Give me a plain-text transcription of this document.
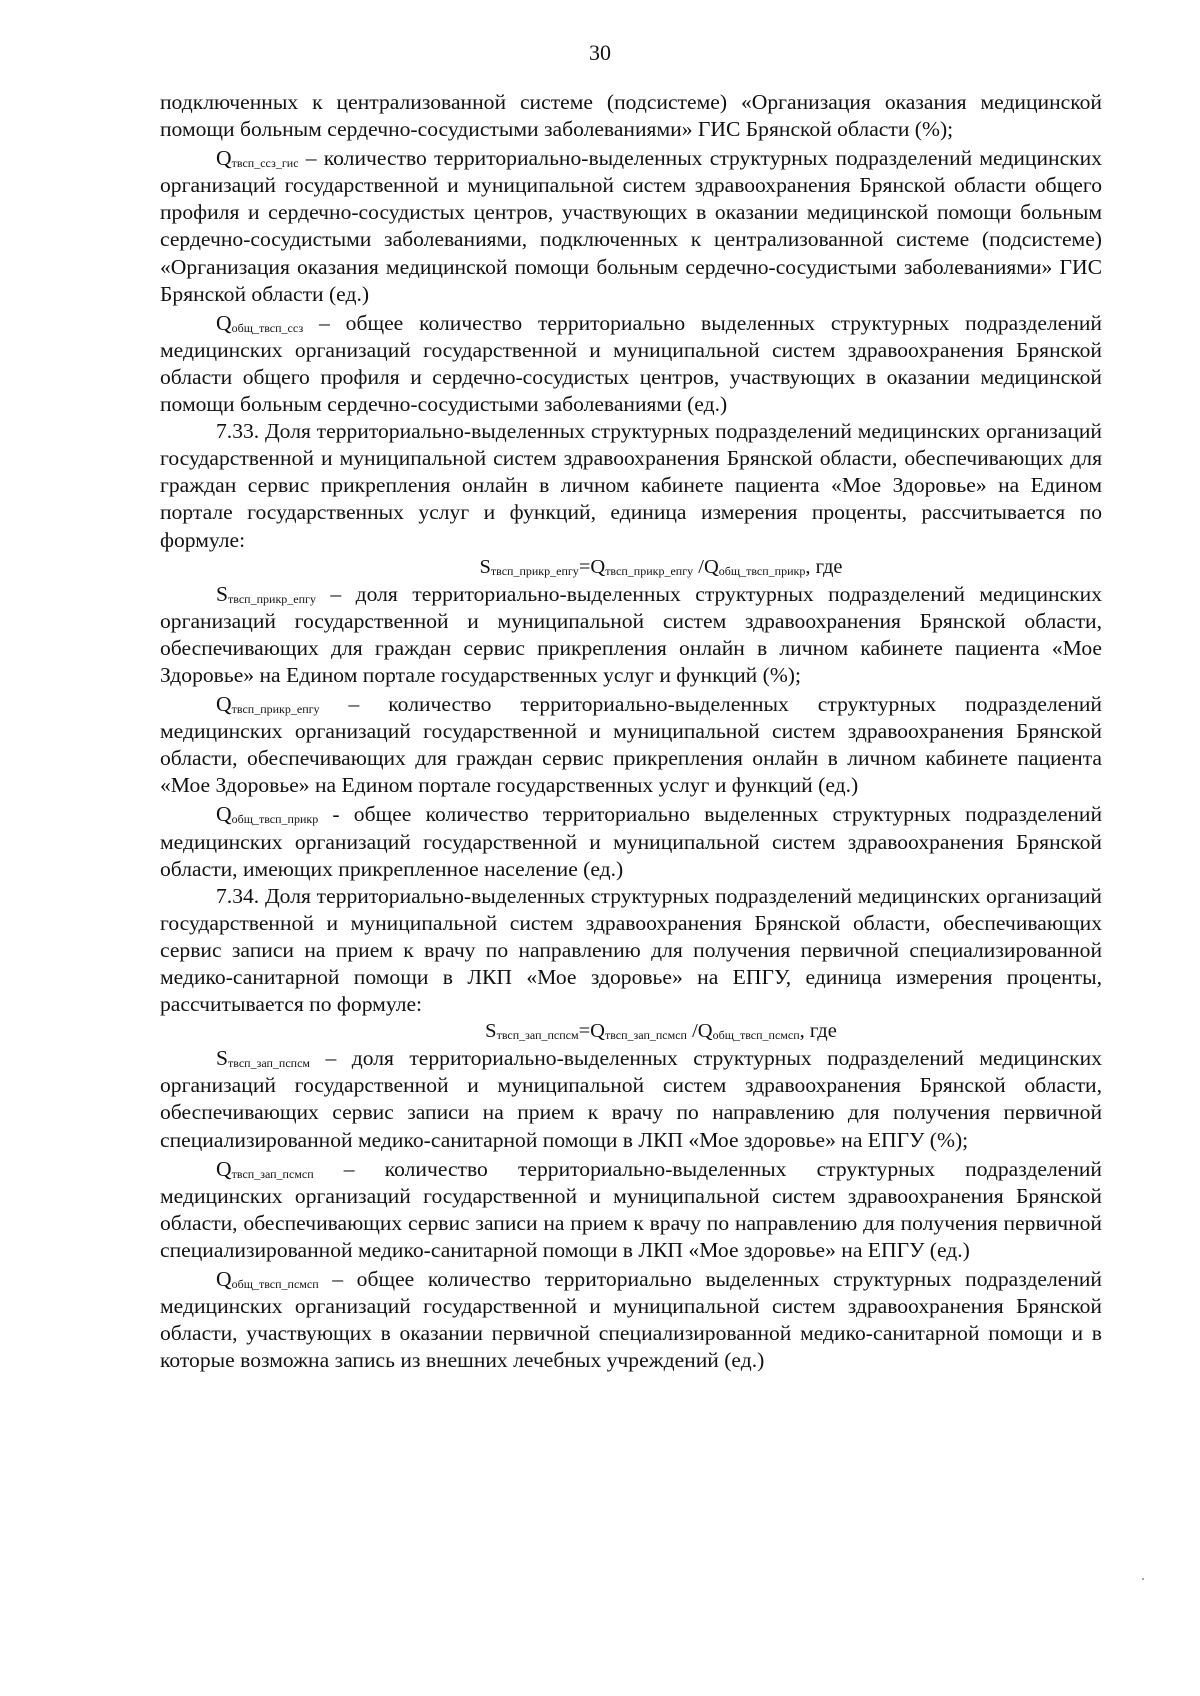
30

подключенных к централизованной системе (подсистеме) «Организация оказания медицинской помощи больным сердечно-сосудистыми заболеваниями» ГИС Брянской области (%);

$Q_{твсп\_ссз\_гис}$ – количество территориально-выделенных структурных подразделений медицинских организаций государственной и муниципальной систем здравоохранения Брянской области общего профиля и сердечно-сосудистых центров, участвующих в оказании медицинской помощи больным сердечно-сосудистыми заболеваниями, подключенных к централизованной системе (подсистеме) «Организация оказания медицинской помощи больным сердечно-сосудистыми заболеваниями» ГИС Брянской области (ед.)

$Q_{общ\_твсп\_ссз}$ – общее количество территориально выделенных структурных подразделений медицинских организаций государственной и муниципальной систем здравоохранения Брянской области общего профиля и сердечно-сосудистых центров, участвующих в оказании медицинской помощи больным сердечно-сосудистыми заболеваниями (ед.)

7.33. Доля территориально-выделенных структурных подразделений медицинских организаций государственной и муниципальной систем здравоохранения Брянской области, обеспечивающих для граждан сервис прикрепления онлайн в личном кабинете пациента «Мое Здоровье» на Едином портале государственных услуг и функций, единица измерения проценты, рассчитывается по формуле:

$S_{твсп\_прикр\_епгу}=Q_{твсп\_прикр\_епгу}$ $/Q_{общ\_твсп\_прикр}$, где

$S_{твсп\_прикр\_епгу}$ – доля территориально-выделенных структурных подразделений медицинских организаций государственной и муниципальной систем здравоохранения Брянской области, обеспечивающих для граждан сервис прикрепления онлайн в личном кабинете пациента «Мое Здоровье» на Едином портале государственных услуг и функций (%);

$Q_{твсп\_прикр\_епгу}$ – количество территориально-выделенных структурных подразделений медицинских организаций государственной и муниципальной систем здравоохранения Брянской области, обеспечивающих для граждан сервис прикрепления онлайн в личном кабинете пациента «Мое Здоровье» на Едином портале государственных услуг и функций (ед.)

$Q_{общ\_твсп\_прикр}$ - общее количество территориально выделенных структурных подразделений медицинских организаций государственной и муниципальной систем здравоохранения Брянской области, имеющих прикрепленное население (ед.)

7.34. Доля территориально-выделенных структурных подразделений медицинских организаций государственной и муниципальной систем здравоохранения Брянской области, обеспечивающих сервис записи на прием к врачу по направлению для получения первичной специализированной медико-санитарной помощи в ЛКП «Мое здоровье» на ЕПГУ, единица измерения проценты, рассчитывается по формуле:

$S_{твсп\_зап\_пспсм}=Q_{твсп\_зап\_псмсп}$ $/Q_{общ\_твсп\_псмсп}$, где

$S_{твсп\_зап\_пспсм}$ – доля территориально-выделенных структурных подразделений медицинских организаций государственной и муниципальной систем здравоохранения Брянской области, обеспечивающих сервис записи на прием к врачу по направлению для получения первичной специализированной медико-санитарной помощи в ЛКП «Мое здоровье» на ЕПГУ (%);

$Q_{твсп\_зап\_псмсп}$ – количество территориально-выделенных структурных подразделений медицинских организаций государственной и муниципальной систем здравоохранения Брянской области, обеспечивающих сервис записи на прием к врачу по направлению для получения первичной специализированной медико-санитарной помощи в ЛКП «Мое здоровье» на ЕПГУ (ед.)

$Q_{общ\_твсп\_псмсп}$ – общее количество территориально выделенных структурных подразделений медицинских организаций государственной и муниципальной систем здравоохранения Брянской области, участвующих в оказании первичной специализированной медико-санитарной помощи и в которые возможна запись из внешних лечебных учреждений (ед.)
